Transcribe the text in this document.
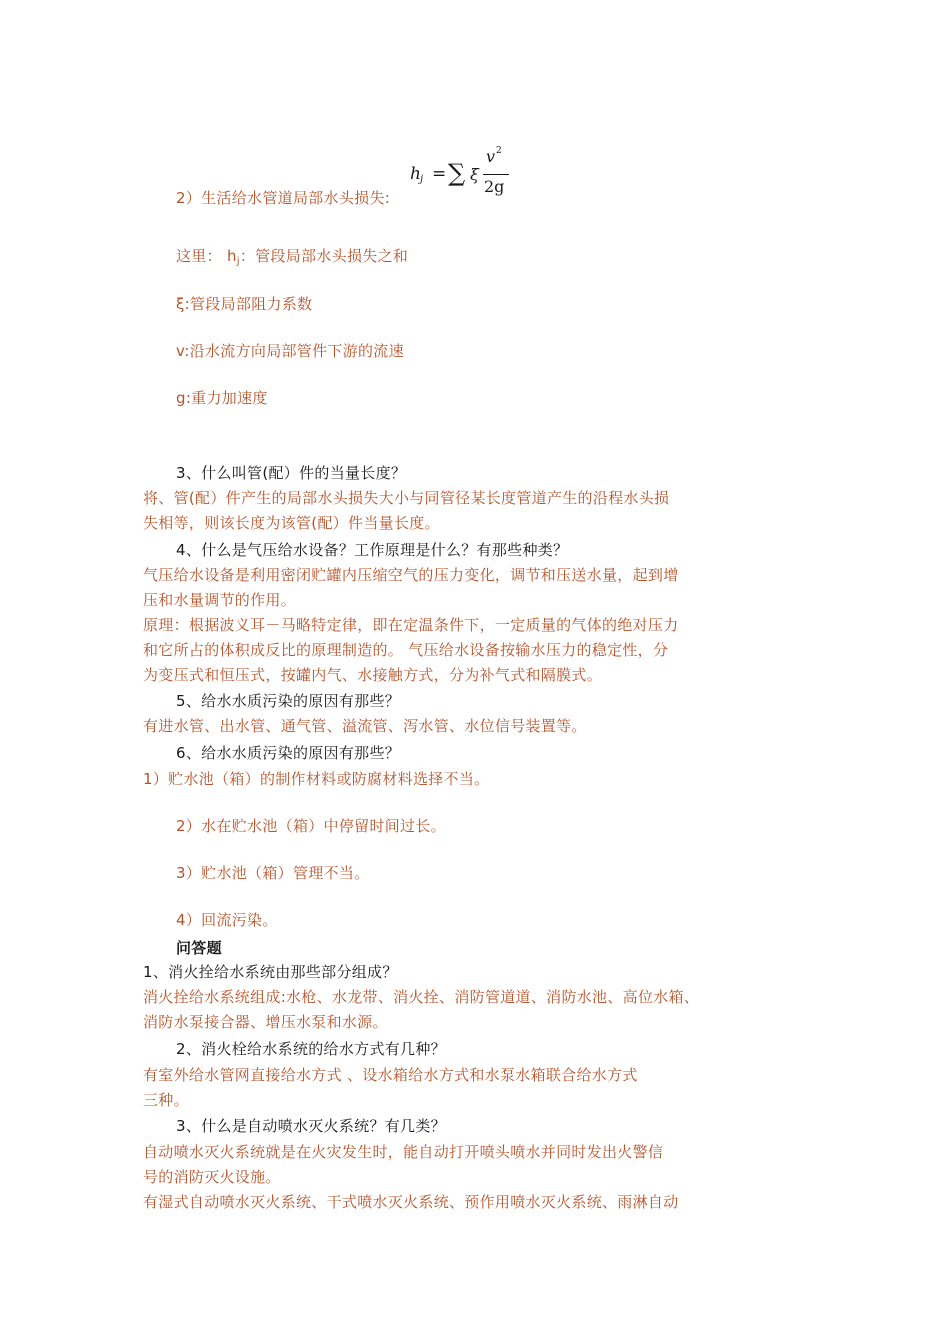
h j = ∑ ξ
v 2
2g
2）生活给水管道局部水头损失:
这里： $h_j$：管段局部水头损失之和
ξ:管段局部阻力系数
v:沿水流方向局部管件下游的流速
g:重力加速度
3、什么叫管(配）件的当量长度？
将、管(配）件产生的局部水头损失大小与同管径某长度管道产生的沿程水头损
失相等，则该长度为该管(配）件当量长度。
4、什么是气压给水设备？工作原理是什么？有那些种类？
气压给水设备是利用密闭贮罐内压缩空气的压力变化，调节和压送水量，起到增
压和水量调节的作用。
原理：根据波义耳－马略特定律，即在定温条件下，一定质量的气体的绝对压力
和它所占的体积成反比的原理制造的。 气压给水设备按输水压力的稳定性，分
为变压式和恒压式，按罐内气、水接触方式，分为补气式和隔膜式。
5、给水水质污染的原因有那些？
有进水管、出水管、通气管、溢流管、泻水管、水位信号装置等。
6、给水水质污染的原因有那些？
1）贮水池（箱）的制作材料或防腐材料选择不当。
2）水在贮水池（箱）中停留时间过长。
3）贮水池（箱）管理不当。
4）回流污染。
问答题
1、消火拴给水系统由那些部分组成？
消火拴给水系统组成:水枪、水龙带、消火拴、消防管道道、消防水池、高位水箱、
消防水泵接合器、增压水泵和水源。
2、消火栓给水系统的给水方式有几种？
有室外给水管网直接给水方式 、设水箱给水方式和水泵水箱联合给水方式
三种。
3、什么是自动喷水灭火系统？有几类？
自动喷水灭火系统就是在火灾发生时，能自动打开喷头喷水并同时发出火警信
号的消防灭火设施。
有湿式自动喷水灭火系统、干式喷水灭火系统、预作用喷水灭火系统、雨淋自动
